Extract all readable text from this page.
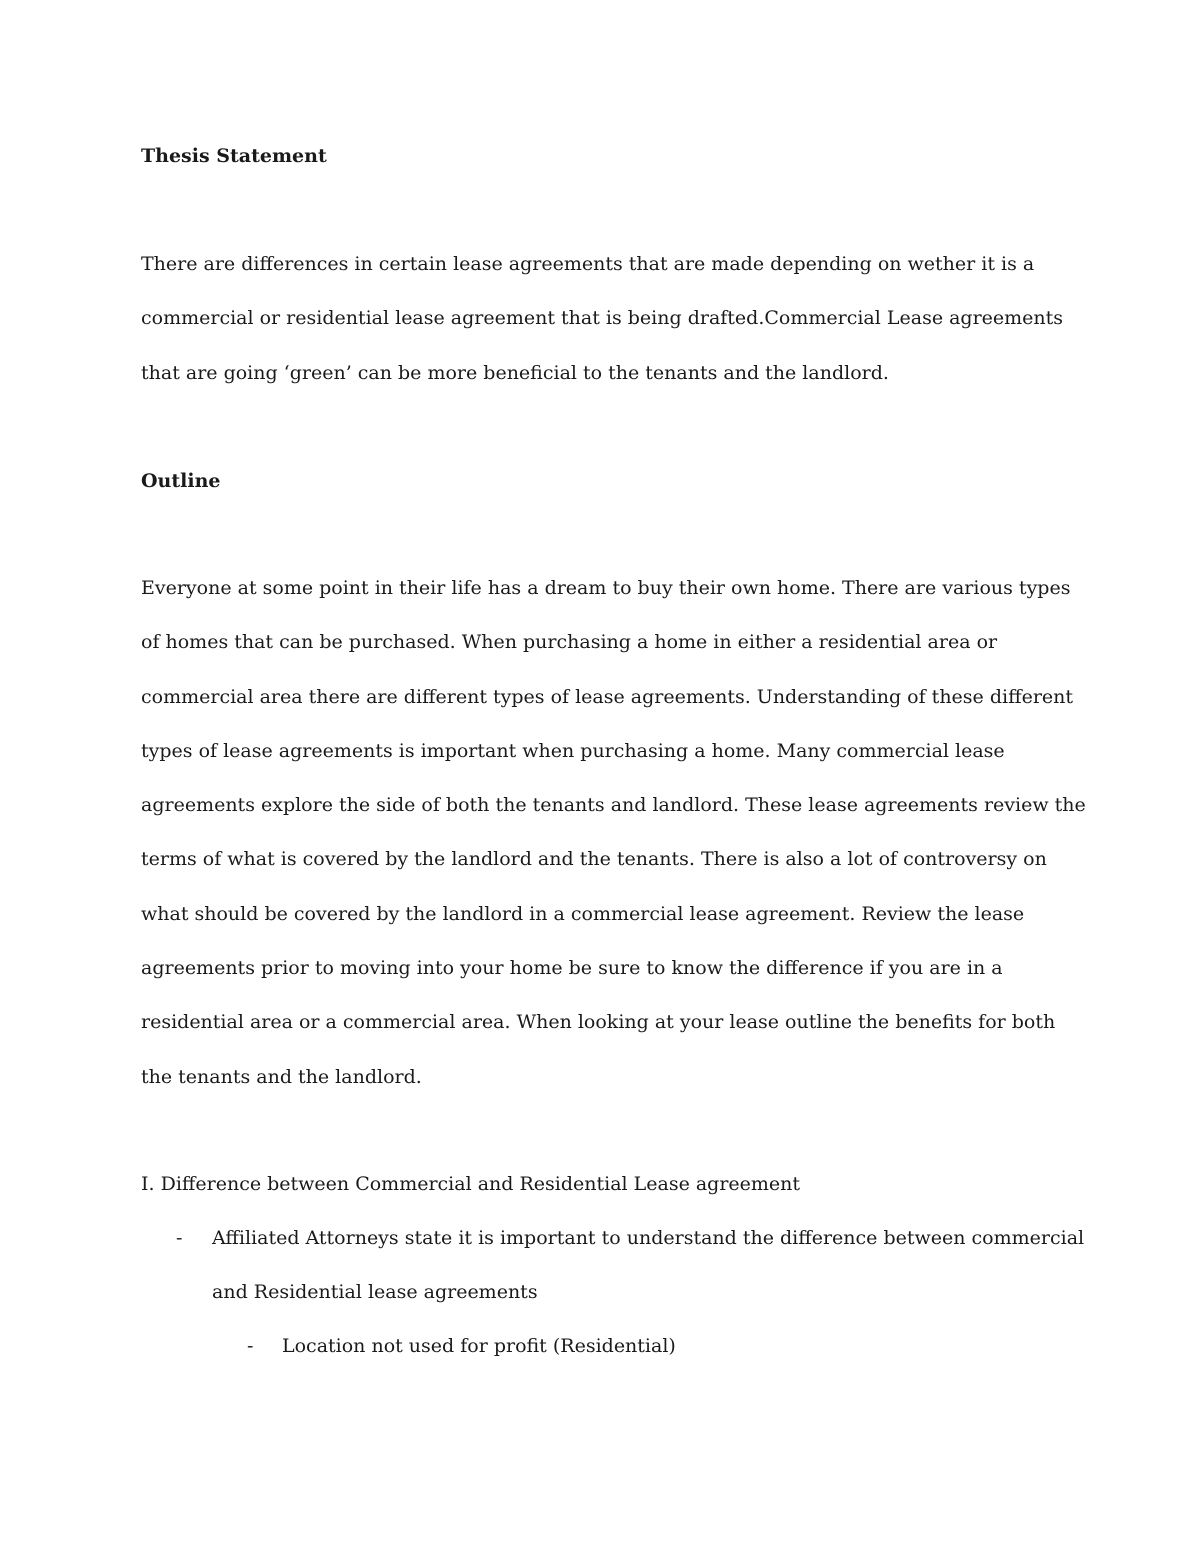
Thesis Statement

There are differences in certain lease agreements that are made depending on wether it is a
commercial or residential lease agreement that is being drafted.Commercial Lease agreements
that are going ‘green’ can be more beneficial to the tenants and the landlord.

Outline

Everyone at some point in their life has a dream to buy their own home. There are various types
of homes that can be purchased. When purchasing a home in either a residential area or
commercial area there are different types of lease agreements. Understanding of these different
types of lease agreements is important when purchasing a home. Many commercial lease
agreements explore the side of both the tenants and landlord. These lease agreements review the
terms of what is covered by the landlord and the tenants. There is also a lot of controversy on
what should be covered by the landlord in a commercial lease agreement. Review the lease
agreements prior to moving into your home be sure to know the difference if you are in a
residential area or a commercial area. When looking at your lease outline the benefits for both
the tenants and the landlord.

I. Difference between Commercial and Residential Lease agreement

- Affiliated Attorneys state it is important to understand the difference between commercial
and Residential lease agreements
- Location not used for profit (Residential)
